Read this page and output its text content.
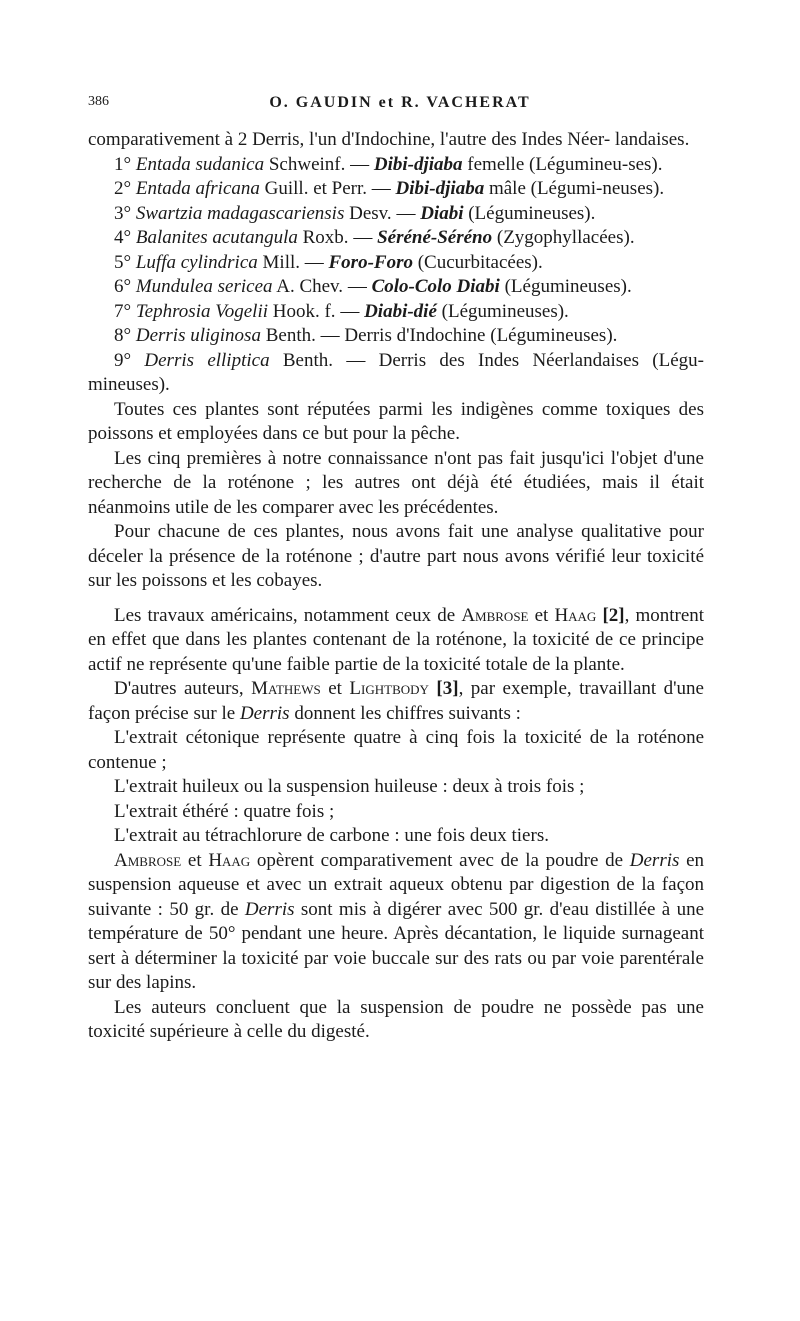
386	O. GAUDIN et R. VACHERAT

comparativement à 2 Derris, l'un d'Indochine, l'autre des Indes Néer- landaises.

1° Entada sudanica Schweinf. — Dibi-djiaba femelle (Légumineu-ses).

2° Entada africana Guill. et Perr. — Dibi-djiaba mâle (Légumi-neuses).

3° Swartzia madagascariensis Desv. — Diabi (Légumineuses).

4° Balanites acutangula Roxb. — Séréné-Séréno (Zygophyllacées).

5° Luffa cylindrica Mill. — Foro-Foro (Cucurbitacées).

6° Mundulea sericea A. Chev. — Colo-Colo Diabi (Légumineuses).

7° Tephrosia Vogelii Hook. f. — Diabi-dié (Légumineuses).

8° Derris uliginosa Benth. — Derris d'Indochine (Légumineuses).

9° Derris elliptica Benth. — Derris des Indes Néerlandaises (Légu-mineuses).

Toutes ces plantes sont réputées parmi les indigènes comme toxiques des poissons et employées dans ce but pour la pêche.

Les cinq premières à notre connaissance n'ont pas fait jusqu'ici l'objet d'une recherche de la roténone ; les autres ont déjà été étudiées, mais il était néanmoins utile de les comparer avec les précédentes.

Pour chacune de ces plantes, nous avons fait une analyse qualitative pour déceler la présence de la roténone ; d'autre part nous avons vérifié leur toxicité sur les poissons et les cobayes.

Les travaux américains, notamment ceux de Ambrose et Haag [2], montrent en effet que dans les plantes contenant de la roténone, la toxicité de ce principe actif ne représente qu'une faible partie de la toxicité totale de la plante.

D'autres auteurs, Mathews et Lightbody [3], par exemple, travaillant d'une façon précise sur le Derris donnent les chiffres suivants :

L'extrait cétonique représente quatre à cinq fois la toxicité de la roténone contenue ;

L'extrait huileux ou la suspension huileuse : deux à trois fois ;

L'extrait éthéré : quatre fois ;

L'extrait au tétrachlorure de carbone : une fois deux tiers.

Ambrose et Haag opèrent comparativement avec de la poudre de Derris en suspension aqueuse et avec un extrait aqueux obtenu par digestion de la façon suivante : 50 gr. de Derris sont mis à digérer avec 500 gr. d'eau distillée à une température de 50° pendant une heure. Après décantation, le liquide surnageant sert à déterminer la toxicité par voie buccale sur des rats ou par voie parentérale sur des lapins.

Les auteurs concluent que la suspension de poudre ne possède pas une toxicité supérieure à celle du digesté.
